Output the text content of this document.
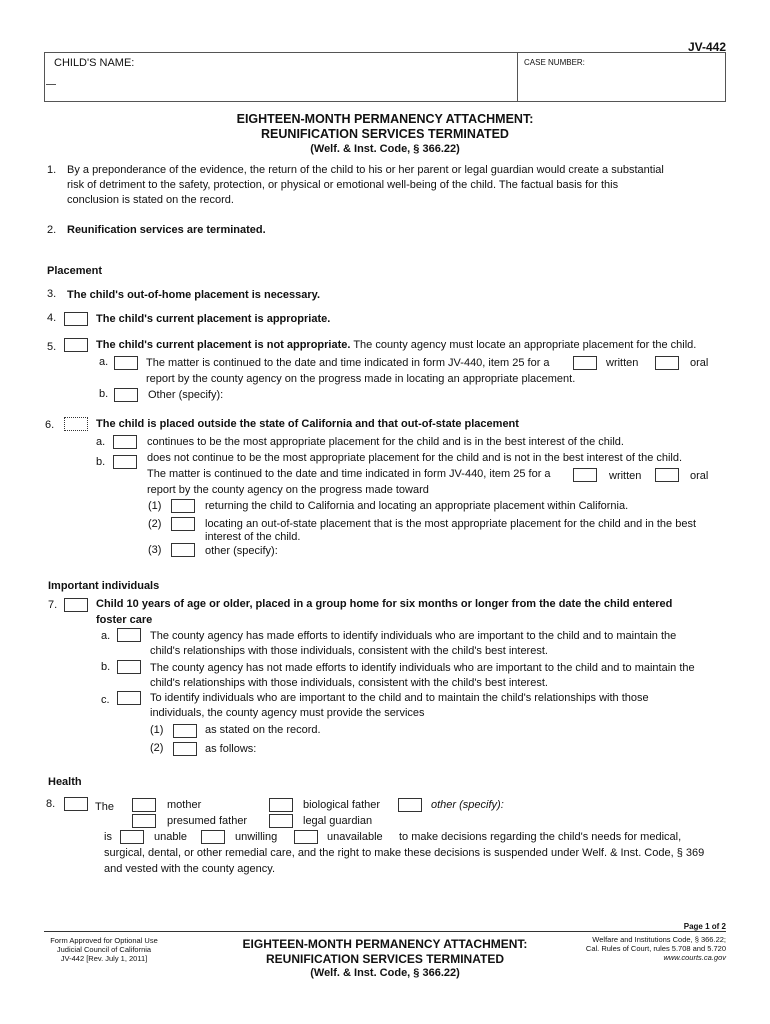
JV-442
CHILD'S NAME:	CASE NUMBER:
EIGHTEEN-MONTH PERMANENCY ATTACHMENT:
REUNIFICATION SERVICES TERMINATED
(Welf. & Inst. Code, § 366.22)
1. By a preponderance of the evidence, the return of the child to his or her parent or legal guardian would create a substantial
risk of detriment to the safety, protection, or physical or emotional well-being of the child. The factual basis for this
conclusion is stated on the record.
2. Reunification services are terminated.
Placement
3. The child's out-of-home placement is necessary.
4.	The child's current placement is appropriate.
5.	The child's current placement is not appropriate. The county agency must locate an appropriate placement for the child.
a.	The matter is continued to the date and time indicated in form JV-440, item 25 for a	written	oral
report by the county agency on the progress made in locating an appropriate placement.
b.	Other (specify):
6.	The child is placed outside the state of California and that out-of-state placement
a.	continues to be the most appropriate placement for the child and is in the best interest of the child.
b.	does not continue to be the most appropriate placement for the child and is not in the best interest of the child.
The matter is continued to the date and time indicated in form JV-440, item 25 for a	written	oral
report by the county agency on the progress made toward
(1)	returning the child to California and locating an appropriate placement within California.
(2)	locating an out-of-state placement that is the most appropriate placement for the child and in the best
interest of the child.
(3)	other (specify):
Important individuals
7.	Child 10 years of age or older, placed in a group home for six months or longer from the date the child entered
foster care
a.	The county agency has made efforts to identify individuals who are important to the child and to maintain the
child's relationships with those individuals, consistent with the child's best interest.
b.	The county agency has not made efforts to identify individuals who are important to the child and to maintain the
child's relationships with those individuals, consistent with the child's best interest.
c.	To identify individuals who are important to the child and to maintain the child's relationships with those
individuals, the county agency must provide the services
(1)	as stated on the record.
(2)	as follows:
Health
8.	The	mother	biological father	other (specify):
presumed father	legal guardian
is	unable	unwilling	unavailable to make decisions regarding the child's needs for medical,
surgical, dental, or other remedial care, and the right to make these decisions is suspended under Welf. & Inst. Code, § 369
and vested with the county agency.
Page 1 of 2
Form Approved for Optional Use
Judicial Council of California
JV-442 [Rev. July 1, 2011]
EIGHTEEN-MONTH PERMANENCY ATTACHMENT:
REUNIFICATION SERVICES TERMINATED
(Welf. & Inst. Code, § 366.22)
Welfare and Institutions Code, § 366.22;
Cal. Rules of Court, rules 5.708 and 5.720
www.courts.ca.gov
